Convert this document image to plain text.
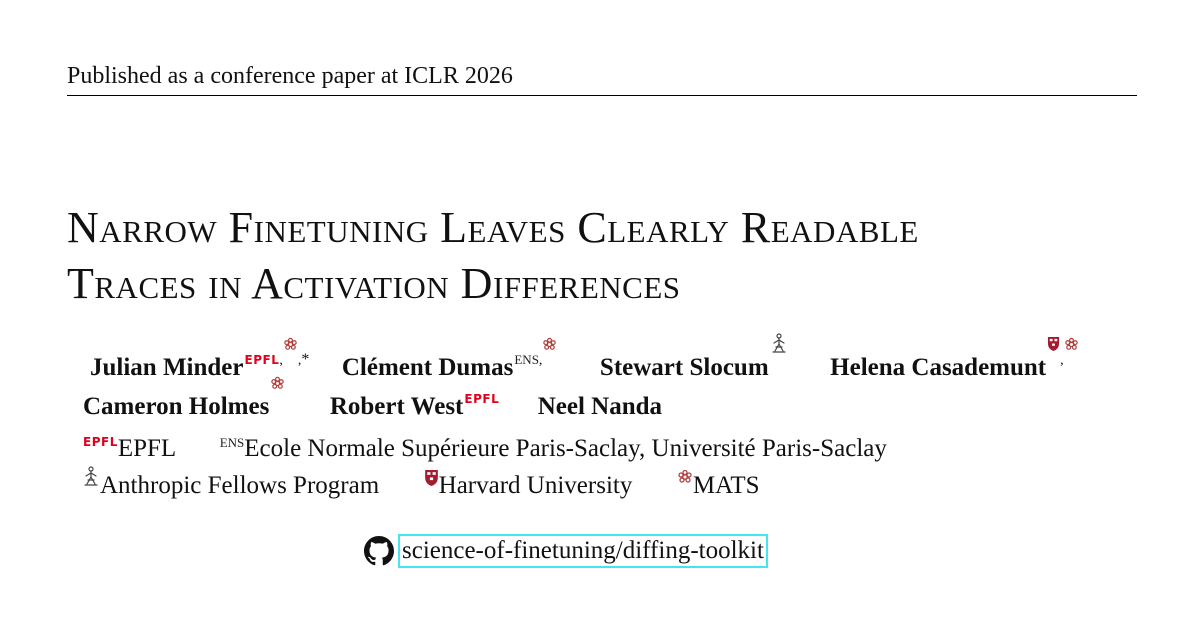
Published as a conference paper at ICLR 2026
Narrow Finetuning Leaves Clearly Readable
Traces in Activation Differences
Julian Minder$^{EPFL, ,*}$ Clément Dumas$^{ENS,}$ Stewart Slocum Helena Casademunt ,
Cameron Holmes Robert West$^{EPFL}$ Neel Nanda
$^{EPFL}$EPFL	$^{ENS}$Ecole Normale Supérieure Paris-Saclay, Université Paris-Saclay
Anthropic Fellows Program Harvard University MATS
science-of-finetuning/diffing-toolkit
